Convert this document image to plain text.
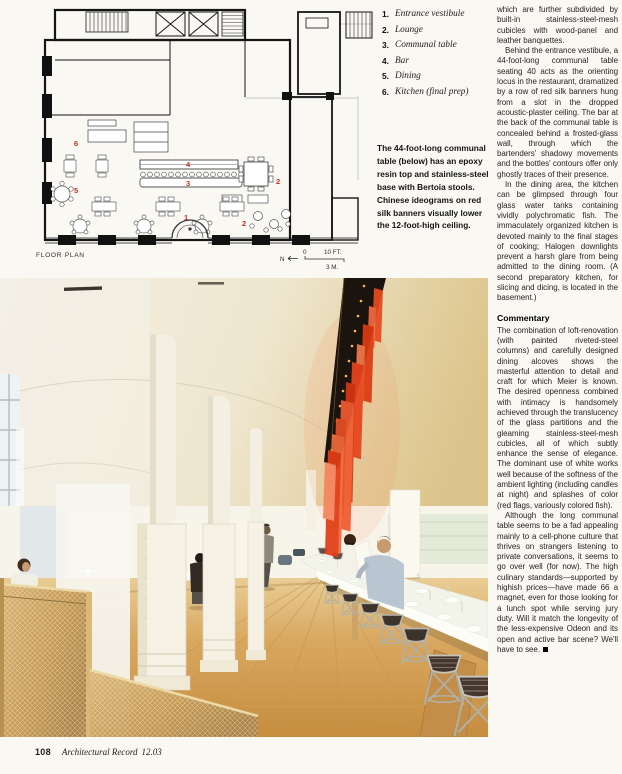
1
2
2
3
4
5
6
FLOOR PLAN
N
0	10 FT.
3 M.
1. Entrance vestibule
2. Lounge
3. Communal table
4. Bar
5. Dining
6. Kitchen (final prep)
The 44-foot-long communal table (below) has an epoxy resin top and stainless-steel base with Bertoia stools. Chinese ideograms on red silk banners visually lower the 12-foot-high ceiling.

which are further subdivided by built-in stainless-steel-mesh cubicles with wood-panel and leather banquettes.

Behind the entrance vestibule, a 44-foot-long communal table seating 40 acts as the orienting locus in the restaurant, dramatized by a row of red silk banners hung from a slot in the dropped acoustic-plaster ceiling. The bar at the back of the communal table is concealed behind a frosted-glass wall, through which the bartenders' shadowy movements and the bottles' contours offer only ghostly traces of their presence.

In the dining area, the kitchen can be glimpsed through four glass water tanks containing vividly polychromatic fish. The immaculately organized kitchen is devoted mainly to the final stages of cooking; Halogen downlights prevent a harsh glare from being admitted to the dining room. (A second preparatory kitchen, for slicing and dicing, is located in the basement.)

Commentary

The combination of loft-renovation (with painted riveted-steel columns) and carefully designed dining alcoves shows the masterful attention to detail and craft for which Meier is known. The desired openness combined with intimacy is handsomely achieved through the translucency of the glass partitions and the gleaming stainless-steel-mesh cubicles, all of which subtly enhance the sense of elegance. The dominant use of white works well because of the softness of the ambient lighting (including candles at night) and splashes of color (red flags, variously colored fish).

Although the long communal table seems to be a fad appealing mainly to a cell-phone culture that thrives on strangers listening to private conversations, it seems to go over well (for now). The high culinary standards—supported by highish prices—have made 66 a magnet, even for those looking for a lunch spot while serving jury duty. Will it match the longevity of the less-expensive Odeon and its open and active bar scene? We'll have to see.

108 Architectural Record 12.03
